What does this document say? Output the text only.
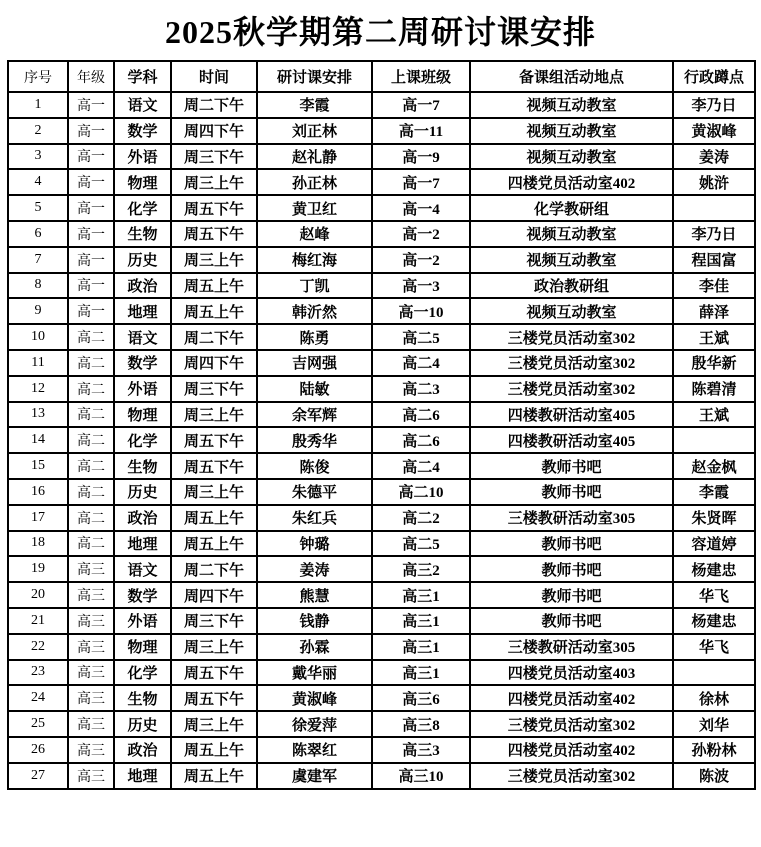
2025秋学期第二周研讨课安排
序号	年级	学科	时间	研讨课安排	上课班级	备课组活动地点	行政蹲点
1	高一	语文	周二下午	李霞	高一7	视频互动教室	李乃日
2	高一	数学	周四下午	刘正林	高一11	视频互动教室	黄淑峰
3	高一	外语	周三下午	赵礼静	高一9	视频互动教室	姜涛
4	高一	物理	周三上午	孙正林	高一7	四楼党员活动室402	姚浒
5	高一	化学	周五下午	黄卫红	高一4	化学教研组	
6	高一	生物	周五下午	赵峰	高一2	视频互动教室	李乃日
7	高一	历史	周三上午	梅红海	高一2	视频互动教室	程国富
8	高一	政治	周五上午	丁凯	高一3	政治教研组	李佳
9	高一	地理	周五上午	韩沂然	高一10	视频互动教室	薛泽
10	高二	语文	周二下午	陈勇	高二5	三楼党员活动室302	王斌
11	高二	数学	周四下午	吉网强	高二4	三楼党员活动室302	殷华新
12	高二	外语	周三下午	陆敏	高二3	三楼党员活动室302	陈碧清
13	高二	物理	周三上午	余军辉	高二6	四楼教研活动室405	王斌
14	高二	化学	周五下午	殷秀华	高二6	四楼教研活动室405	
15	高二	生物	周五下午	陈俊	高二4	教师书吧	赵金枫
16	高二	历史	周三上午	朱德平	高二10	教师书吧	李霞
17	高二	政治	周五上午	朱红兵	高二2	三楼教研活动室305	朱贤晖
18	高二	地理	周五上午	钟璐	高二5	教师书吧	容道婷
19	高三	语文	周二下午	姜涛	高三2	教师书吧	杨建忠
20	高三	数学	周四下午	熊慧	高三1	教师书吧	华飞
21	高三	外语	周三下午	钱静	高三1	教师书吧	杨建忠
22	高三	物理	周三上午	孙霖	高三1	三楼教研活动室305	华飞
23	高三	化学	周五下午	戴华丽	高三1	四楼党员活动室403	
24	高三	生物	周五下午	黄淑峰	高三6	四楼党员活动室402	徐林
25	高三	历史	周三上午	徐爱萍	高三8	三楼党员活动室302	刘华
26	高三	政治	周五上午	陈翠红	高三3	四楼党员活动室402	孙粉林
27	高三	地理	周五上午	虞建军	高三10	三楼党员活动室302	陈波
